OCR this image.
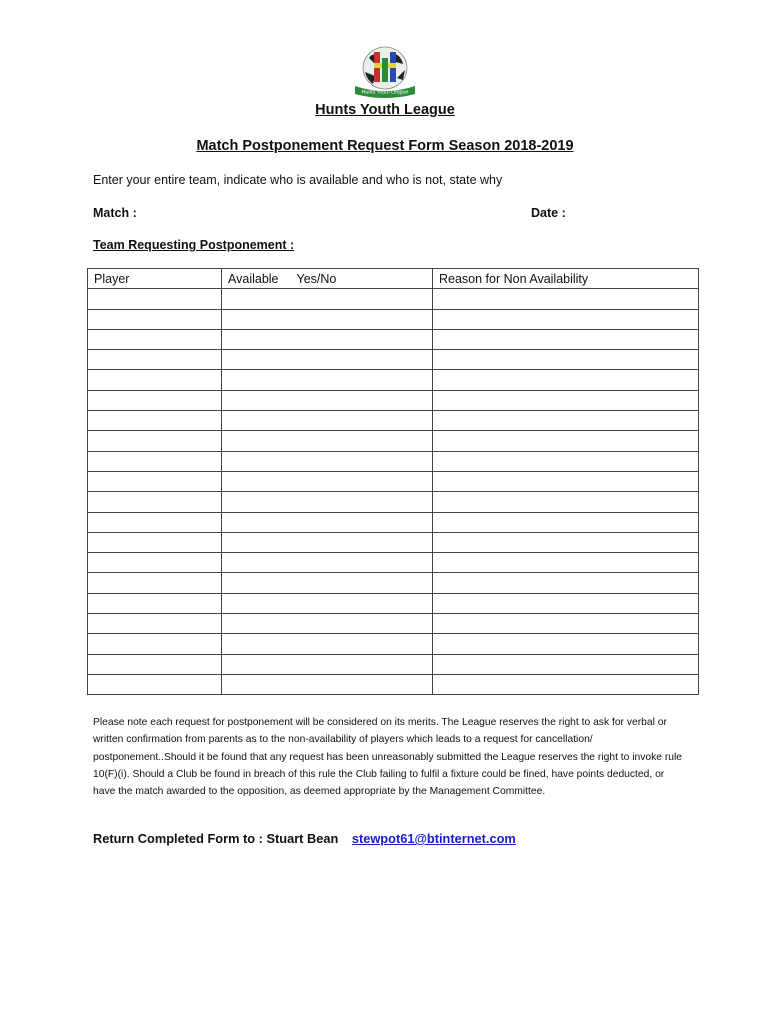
Hunts Youth League
Hunts Youth League
Match Postponement Request Form Season 2018-2019
Enter your entire team, indicate who is available and who is not, state why
Match :	Date :
Team Requesting Postponement :
Player	Available Yes/No	Reason for Non Availability

Please note each request for postponement will be considered on its merits. The League reserves the right to ask for verbal or written confirmation from parents as to the non-availability of players which leads to a request for cancellation/ postponement..Should it be found that any request has been unreasonably submitted the League reserves the right to invoke rule 10(F)(i). Should a Club be found in breach of this rule the Club failing to fulfil a fixture could be fined, have points deducted, or have the match awarded to the opposition, as deemed appropriate by the Management Committee.
Return Completed Form to : Stuart Bean stewpot61@btinternet.com
